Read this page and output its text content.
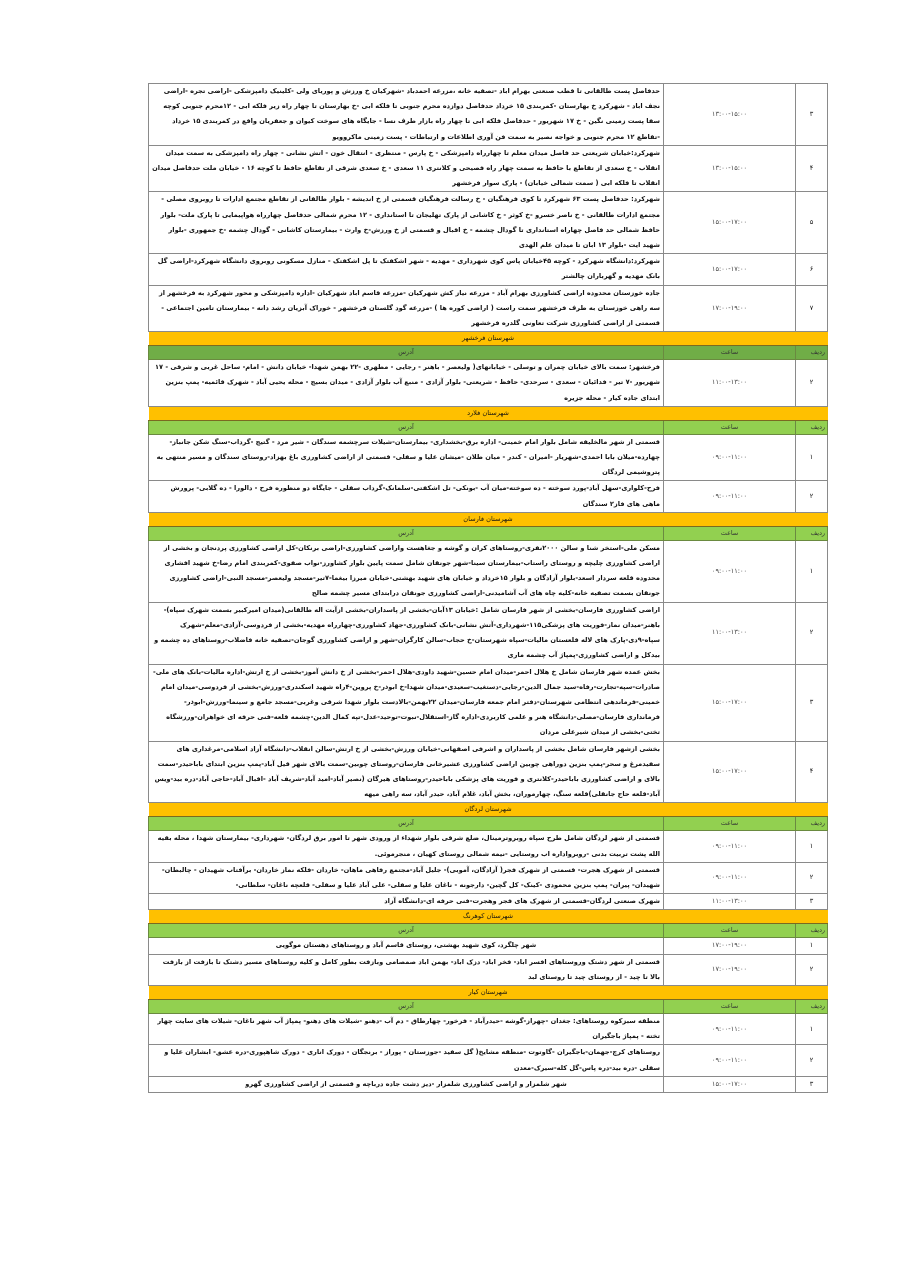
۳	۱۳:۰۰-۱۵:۰۰	حدفاصل پست طالقانی تا قطب صنعتی بهرام اباد -تصفیه خانه ،مزرعه احمدباد -شهرکیان خ ورزش و پوریای ولی -کلینیک دامپزشکی -اراضی تجره -اراضی نجف اباد - شهرکرد خ بهارستان -کمربندی ۱۵ خرداد حدفاصل دوازده محرم جنوبی تا فلکه ابی -خ بهارستان تا چهار راه زیر فلکه ابی - ۱۲محرم جنوبی کوچه سفا پست زمینی نگین - خ ۱۷ شهریور - حدفاصل فلکه ابی تا چهار راه بازار طرف نسا - جایگاه های سوخت کیوان و جعفریان واقع در کمربندی ۱۵ خرداد -تقاطع ۱۲ محرم جنوبی و خواجه نصیر به سمت فن آوری اطلاعات و ارتباطات - پست زمینی ماکروویو
۴	۱۳:۰۰-۱۵:۰۰	شهرکرد:خیابان شریعتی حد فاصل میدان معلم تا چهارراه دامپزشکی - خ پارس - منتظری - انتقال خون - اتش نشانی - چهار راه دامپزشکی به سمت میدان انقلاب - خ سعدی از تقاطع با حافظ به سمت چهار راه فصیحی و کلانتری ۱۱ سعدی - خ سعدی شرقی از تقاطع حافظ تا کوچه ۱۶ - خیابان ملت حدفاصل میدان انقلاب تا فلکه ابی ( سمت شمالی خیابان) - پارک سوار فرخشهر
۵	۱۵:۰۰-۱۷:۰۰	شهرکرد: حدفاصل پست ۶۳ شهرکرد تا کوی فرهنگیان - خ رسالت فرهنگیان قسمتی از خ اندیشه - بلوار طالقانی از تقاطع مجتمع ادارات تا روبروی مصلی - مجتمع ادارات طالقانی - خ ناصر خسرو -خ کوثر - خ کاشانی از پارک تهلیجان تا استانداری - ۱۲ محرم شمالی حدفاصل چهارراه هواپیمایی تا پارک ملت- بلوار حافظ شمالی حد فاصل چهاراه استانداری تا گودال چشمه - خ اقبال و قسمتی از خ ورزش-خ وارث - بیمارستان کاشانی - گودال چشمه -خ جمهوری -بلوار شهید ایت -بلوار ۱۳ ابان تا میدان علم الهدی
۶	۱۵:۰۰-۱۷:۰۰	شهرکرد:دانشگاه شهرکرد - کوچه ۴۵خیابان پاس کوی شهرداری - مهدیه - شهر اشکفتک تا پل اشکفتک - منازل مسکونی روبروی دانشگاه شهرکرد-اراضی گل بانک مهدیه و گهرباران چالشتر
۷	۱۷:۰۰-۱۹:۰۰	جاده خوزستان محدوده اراضی کشاورزی بهرام آباد - مزرعه نیاز کش شهرکیان -مزرعه قاسم اباد شهرکیان -اداره دامپزشکی و محور شهرکرد به فرخشهر از سه راهی خوزستان به طرف فرخشهر سمت راست ( اراضی کوره ها ) -مزرعه گود گلستان فرخشهر - خوراک آبزیان رشد دانه - بیمارستان تامین اجتماعی - قسمتی از اراضی کشاورزی شرکت تعاونی گلدره فرخشهر
شهرستان فرخشهر		
ردیف	ساعت	آدرس
۲	۱۱:۰۰-۱۳:۰۰	فرخشهر: سمت بالای خیابان چمران و توسلی - خیابانهای( ولیعصر - باهنر - رجایی - مطهری -۲۲ بهمن شهدا- خیابان دانش - امام- ساحل غربی و شرقی - ۱۷ شهریور -۷ تیر - فدائیان - سعدی - سرحدی- حافظ - شریعتی- بلوار آزادی - منبع آب بلوار آزادی - میدان بسیج - محله یحیی آباد - شهرک قائمیه- پمپ بنزین ابتدای جاده کیار - محله جزیره
شهرستان فلارد		
ردیف	ساعت	آدرس
۱	۰۹:۰۰-۱۱:۰۰	قسمتی از شهر مالخلیفه شامل بلوار امام خمینی- اداره برق-بخشداری- بیمارستان-شیلات سرچشمه سندگان - شیر مرد - گتیج -گرداب-سنگ شکن جانباز- چهارده-میلان بابا احمدی-شهریار -امیران - کندر - میان طلان -میشان علیا و سفلی- قسمتی از اراضی کشاورزی باغ بهزاد-روستای سندگان و مسیر منتهی به پتروشیمی لردگان
۲	۰۹:۰۰-۱۱:۰۰	فرح-کلواری-سهل آباد-پورد سوخته - ده سوخته-میان آب -بونکی- تل اشکفتی-سلمانک-گرداب سفلی - جایگاه دو منظوره فرح - دالورا - ده گلابی- پرورش ماهی های فاز۲ سندگان
شهرستان فارسان		
ردیف	ساعت	آدرس
۱	۰۹:۰۰-۱۱:۰۰	مسکن ملی-استخر شنا و سالن ۲۰۰۰نفری-روستاهای کران و گوشه و جغاهست واراضی کشاورزی-اراضی برنکان-کل اراضی کشاورزی پردنجان و بخشی از اراضی کشاورزی چلیچه و روستای راستاب-بیمارستان سینا-شهر جونقان شامل سمت پایین بلوار کشاورز-نواب صفوی-کمربندی امام رضا-خ شهید افشاری محدوده قلعه سردار اسعد-بلوار آزادگان و بلوار ۱۵خرداد و خیابان های شهید بهشتی-خیابان میرزا بیغما-۷تیر-مسجد ولیعصر-مسجد النبی-اراضی کشاورزی جونقان بسمت تصفیه خانه-کلیه چاه های آب آشامیدنی-اراضی کشاورزی جونقان درابتدای مسیر چشمه صالح
۲	۱۱:۰۰-۱۳:۰۰	اراضی کشاورزی فارسان-بخشی از شهر فارسان شامل :خیابان ۱۳آبان-بخشی از پاسداران-بخشی ازآیت اله طالقانی(میدان امیرکبیر بسمت شهرک سپاه)-باهنر-میدان نماز-فوریت های پزشکی۱۱۵-شهرداری-آتش نشانی-بانک کشاورزی-جهاد کشاورزی-چهارراه مهدیه-بخشی از فردوسی-آزادی-معلم-شهرک سپاه-۹دی-پارک های لاله قلعستان مالیات-سپاه شهرستان-خ حجاب-سالن کارگران-شهر و اراضی کشاورزی گوجان-تصفیه خانه فاضلاب-روستاهای ده چشمه و بیدکل و اراضی کشاورزی-پمپاژ آب چشمه ماری
۳	۱۵:۰۰-۱۷:۰۰	بخش عمده شهر فارسان شامل خ هلال احمر-میدان امام حسین-شهید داودی-هلال احمر-بخشی از خ دانش آموز-بخشی از خ ارتش-اداره مالیات-بانک های ملی-صادرات-سپه-تجارت-رفاه-سید جمال الدین-رجایی-دستغیب-سعیدی-میدان شهدا-خ ابوذر-خ پروین-۴راه شهید اسکندری-ورزش-بخشی از فردوسی-میدان امام خمینی-فرماندهی انتظامی شهرستان-دفتر امام جمعه فارسان-میدان ۲۲بهمن-بالادست بلوار شهدا شرقی وغربی-مسجد جامع و سینما-ورزش-ابوذر-فرمانداری فارسان-مصلی-دانشگاه هنر و علمی کاربردی-اداره گاز-استقلال-نبوت-توحید-عدل-تپه کمال الدین-چشمه قلعه-فنی حرفه ای خواهران-ورزشگاه تختی-بخشی از میدان شیرعلی مردان
۴	۱۵:۰۰-۱۷:۰۰	بخشی ازشهر فارسان شامل بخشی از پاسداران و اشرفی اصفهانی-خیابان ورزش-بخشی از خ ارتش-سالن انقلاب-دانشگاه آزاد اسلامی-مرغداری های سفیدمرغ و سحر-پمپ بنزین دوراهی چوبین اراضی کشاورزی عشیرخانی فارسان-روستای چوبین-سمت بالای شهر قیل آباد-پمپ بنزین ابتدای باباحیدر-سمت بالای و اراضی کشاورزی باباحیدر-کلانتری و فوریت های پزشکی باباحیدر-روستاهای هیرگان (نصیر آباد-امید آباد-شریف آباد -اقبال آباد-حاجی آباد-دره بید-ویس آباد-قلعه حاج جانقلی)قلعه سنگ، چهارموران، بخش آباد، غلام آباد، حیدر آباد، سه راهی میهه
شهرستان لردگان		
ردیف	ساعت	آدرس
۱	۰۹:۰۰-۱۱:۰۰	قسمتی از شهر لردگان شامل طرح سپاه روبروترمینال، ضلع شرقی بلوار شهداء از ورودی شهر تا امور برق لردگان- شهرداری- بیمارستان شهدا ، محله بقیه الله پشت تربیت بدنی -روبرواداره اب روستایی -نیمه شمالی روستای کهیان ، منجرموئی.
۲	۰۹:۰۰-۱۱:۰۰	قسمتی از شهرک هجرت- قسمتی از شهرک فجر( آزادگان، آموبی)- جلیل آباد-مجتمع رفاهی ماهان- خاردان -فلکه نماز خاردان- برآفتاب شهیدان - چالبطان- شهیدان- پیران- پمپ بنزین محمودی -کینک- کل گچین- دارجونه - ناغان علیا و سفلی- علی آباد علیا و سفلی- قلعچه ناغان- سلطانی-
۳	۱۱:۰۰-۱۳:۰۰	شهرک صنعتی لردگان-قسمتی از شهرک های فجر وهجرت-فنی حرفه ای-دانشگاه آزاد
شهرستان کوهرنگ		
ردیف	ساعت	آدرس
۱	۱۷:۰۰-۱۹:۰۰	شهر چلگرد، کوی شهید بهشتی، روستای قاسم آباد و روستاهای دهستان موگویی
۲	۱۷:۰۰-۱۹:۰۰	قسمتی از شهر دشتک وروستاهای افسر اباد- فخر اباد- دزک اباد- بهمن اباد صمصامی وبازفت بطور کامل و کلیه روستاهای مسیر دشتک تا بازفت از بازفت بالا تا چید - از روستای چید تا روستای لبد
شهرستان کیار		
ردیف	ساعت	آدرس
۱	۰۹:۰۰-۱۱:۰۰	منطقه سبزکوه روستاهای: جغدان -چهراز-گوشه -حیدرآباد - فرخور- چهارطاق - دم آب -دهنو -شیلات های دهنو- پمپاژ آب شهر ناغان- شیلات های سایت چهار تخته - پمپاژ باجگیران
۲	۰۹:۰۰-۱۱:۰۰	روستاهای کرچ-جهمان-باجگیران -گاوتوت -منطقه مشایخ( گل سفید -جوزستان - پوراز - برنجگان - دورک اناری - دورک شاهپوری-دره عشق- ابشاران علیا و سفلی -دره بید-دره پاس-گل کله-سیرک-معدن
۳	۱۵:۰۰-۱۷:۰۰	شهر شلمزار و اراضی کشاورزی شلمزار -دیز دشت جاده درباچه و قسمتی از اراضی کشاورزی گهرو
